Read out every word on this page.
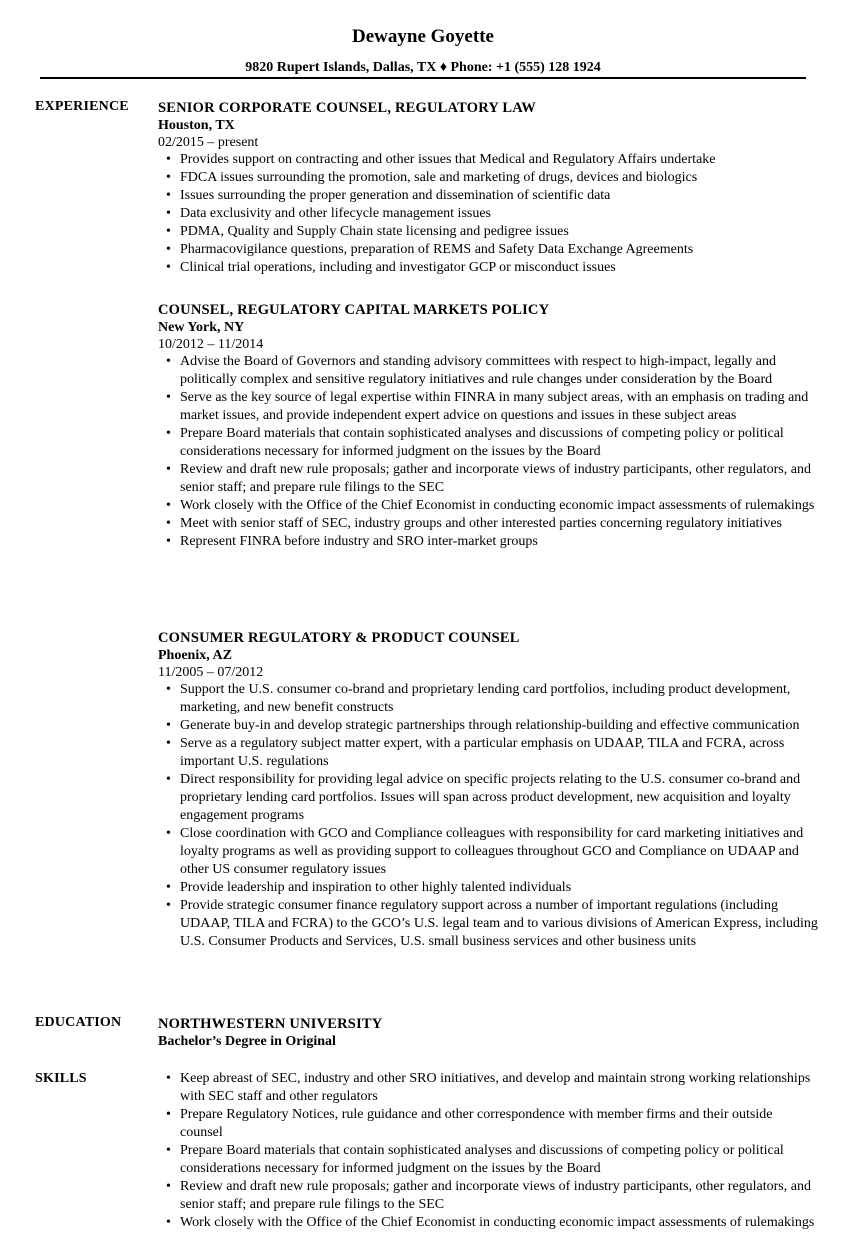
Dewayne Goyette
9820 Rupert Islands, Dallas, TX ♦ Phone: +1 (555) 128 1924
EXPERIENCE SENIOR CORPORATE COUNSEL, REGULATORY LAW
Houston, TX
02/2015 – present
• Provides support on contracting and other issues that Medical and Regulatory Affairs undertake
• FDCA issues surrounding the promotion, sale and marketing of drugs, devices and biologics
• Issues surrounding the proper generation and dissemination of scientific data
• Data exclusivity and other lifecycle management issues
• PDMA, Quality and Supply Chain state licensing and pedigree issues
• Pharmacovigilance questions, preparation of REMS and Safety Data Exchange Agreements
• Clinical trial operations, including and investigator GCP or misconduct issues
COUNSEL, REGULATORY CAPITAL MARKETS POLICY
New York, NY
10/2012 – 11/2014
• Advise the Board of Governors and standing advisory committees with respect to high-impact, legally and politically complex and sensitive regulatory initiatives and rule changes under consideration by the Board
• Serve as the key source of legal expertise within FINRA in many subject areas, with an emphasis on trading and market issues, and provide independent expert advice on questions and issues in these subject areas
• Prepare Board materials that contain sophisticated analyses and discussions of competing policy or political considerations necessary for informed judgment on the issues by the Board
• Review and draft new rule proposals; gather and incorporate views of industry participants, other regulators, and senior staff; and prepare rule filings to the SEC
• Work closely with the Office of the Chief Economist in conducting economic impact assessments of rulemakings
• Meet with senior staff of SEC, industry groups and other interested parties concerning regulatory initiatives
• Represent FINRA before industry and SRO inter-market groups
CONSUMER REGULATORY & PRODUCT COUNSEL
Phoenix, AZ
11/2005 – 07/2012
• Support the U.S. consumer co-brand and proprietary lending card portfolios, including product development, marketing, and new benefit constructs
• Generate buy-in and develop strategic partnerships through relationship-building and effective communication
• Serve as a regulatory subject matter expert, with a particular emphasis on UDAAP, TILA and FCRA, across important U.S. regulations
• Direct responsibility for providing legal advice on specific projects relating to the U.S. consumer co-brand and proprietary lending card portfolios. Issues will span across product development, new acquisition and loyalty engagement programs
• Close coordination with GCO and Compliance colleagues with responsibility for card marketing initiatives and loyalty programs as well as providing support to colleagues throughout GCO and Compliance on UDAAP and other US consumer regulatory issues
• Provide leadership and inspiration to other highly talented individuals
• Provide strategic consumer finance regulatory support across a number of important regulations (including UDAAP, TILA and FCRA) to the GCO’s U.S. legal team and to various divisions of American Express, including U.S. Consumer Products and Services, U.S. small business services and other business units
EDUCATION	NORTHWESTERN UNIVERSITY
Bachelor’s Degree in Original
SKILLS
•	Keep abreast of SEC, industry and other SRO initiatives, and develop and maintain strong working relationships with SEC staff and other regulators
• Prepare Regulatory Notices, rule guidance and other correspondence with member firms and their outside counsel
• Prepare Board materials that contain sophisticated analyses and discussions of competing policy or political considerations necessary for informed judgment on the issues by the Board
• Review and draft new rule proposals; gather and incorporate views of industry participants, other regulators, and senior staff; and prepare rule filings to the SEC
• Work closely with the Office of the Chief Economist in conducting economic impact assessments of rulemakings
